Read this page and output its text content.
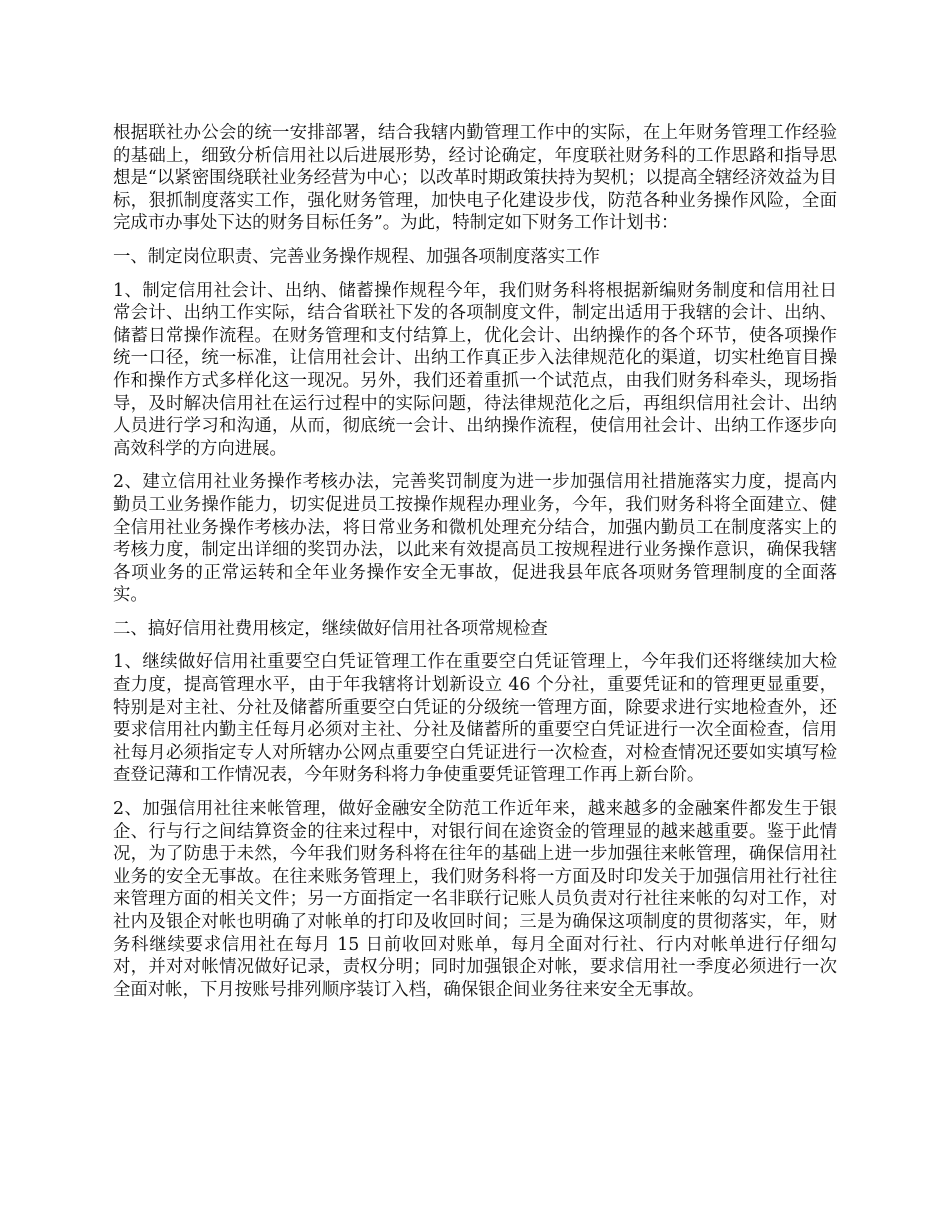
根据联社办公会的统一安排部署，结合我辖内勤管理工作中的实际，在上年财务管理工作经验的基础上，细致分析信用社以后进展形势，经讨论确定，年度联社财务科的工作思路和指导思想是“以紧密围绕联社业务经营为中心；以改革时期政策扶持为契机；以提高全辖经济效益为目标，狠抓制度落实工作，强化财务管理，加快电子化建设步伐，防范各种业务操作风险，全面完成市办事处下达的财务目标任务”。为此，特制定如下财务工作计划书：

一、制定岗位职责、完善业务操作规程、加强各项制度落实工作

1、制定信用社会计、出纳、储蓄操作规程今年，我们财务科将根据新编财务制度和信用社日常会计、出纳工作实际，结合省联社下发的各项制度文件，制定出适用于我辖的会计、出纳、储蓄日常操作流程。在财务管理和支付结算上，优化会计、出纳操作的各个环节，使各项操作统一口径，统一标准，让信用社会计、出纳工作真正步入法律规范化的渠道，切实杜绝盲目操作和操作方式多样化这一现况。另外，我们还着重抓一个试范点，由我们财务科牵头，现场指导，及时解决信用社在运行过程中的实际问题，待法律规范化之后，再组织信用社会计、出纳人员进行学习和沟通，从而，彻底统一会计、出纳操作流程，使信用社会计、出纳工作逐步向高效科学的方向进展。

2、建立信用社业务操作考核办法，完善奖罚制度为进一步加强信用社措施落实力度，提高内勤员工业务操作能力，切实促进员工按操作规程办理业务，今年，我们财务科将全面建立、健全信用社业务操作考核办法，将日常业务和微机处理充分结合，加强内勤员工在制度落实上的考核力度，制定出详细的奖罚办法，以此来有效提高员工按规程进行业务操作意识，确保我辖各项业务的正常运转和全年业务操作安全无事故，促进我县年底各项财务管理制度的全面落实。

二、搞好信用社费用核定，继续做好信用社各项常规检查

1、继续做好信用社重要空白凭证管理工作在重要空白凭证管理上，今年我们还将继续加大检查力度，提高管理水平，由于年我辖将计划新设立 46 个分社，重要凭证和的管理更显重要，特别是对主社、分社及储蓄所重要空白凭证的分级统一管理方面，除要求进行实地检查外，还要求信用社内勤主任每月必须对主社、分社及储蓄所的重要空白凭证进行一次全面检查，信用社每月必须指定专人对所辖办公网点重要空白凭证进行一次检查，对检查情况还要如实填写检查登记薄和工作情况表，今年财务科将力争使重要凭证管理工作再上新台阶。

2、加强信用社往来帐管理，做好金融安全防范工作近年来，越来越多的金融案件都发生于银企、行与行之间结算资金的往来过程中，对银行间在途资金的管理显的越来越重要。鉴于此情况，为了防患于未然，今年我们财务科将在往年的基础上进一步加强往来帐管理，确保信用社业务的安全无事故。在往来账务管理上，我们财务科将一方面及时印发关于加强信用社行社往来管理方面的相关文件；另一方面指定一名非联行记账人员负责对行社往来帐的勾对工作，对社内及银企对帐也明确了对帐单的打印及收回时间；三是为确保这项制度的贯彻落实，年，财务科继续要求信用社在每月 15 日前收回对账单，每月全面对行社、行内对帐单进行仔细勾对，并对对帐情况做好记录，责权分明；同时加强银企对帐，要求信用社一季度必须进行一次全面对帐，下月按账号排列顺序装订入档，确保银企间业务往来安全无事故。
